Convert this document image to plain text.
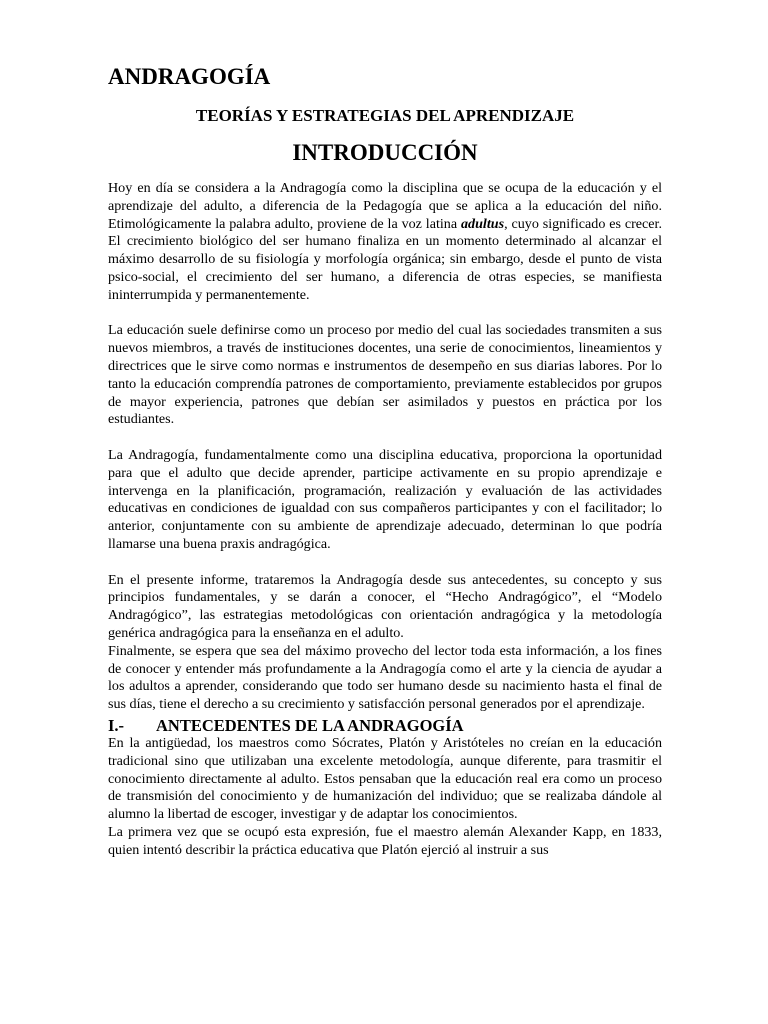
ANDRAGOGÍA
TEORÍAS Y ESTRATEGIAS DEL APRENDIZAJE
INTRODUCCIÓN

Hoy en día se considera a la Andragogía como la disciplina que se ocupa de la educación y el aprendizaje del adulto, a diferencia de la Pedagogía que se aplica a la educación del niño. Etimológicamente la palabra adulto, proviene de la voz latina adultus, cuyo significado es crecer. El crecimiento biológico del ser humano finaliza en un momento determinado al alcanzar el máximo desarrollo de su fisiología y morfología orgánica; sin embargo, desde el punto de vista psico-social, el crecimiento del ser humano, a diferencia de otras especies, se manifiesta ininterrumpida y permanentemente.

La educación suele definirse como un proceso por medio del cual las sociedades transmiten a sus nuevos miembros, a través de instituciones docentes, una serie de conocimientos, lineamientos y directrices que le sirve como normas e instrumentos de desempeño en sus diarias labores. Por lo tanto la educación comprendía patrones de comportamiento, previamente establecidos por grupos de mayor experiencia, patrones que debían ser asimilados y puestos en práctica por los estudiantes.

La Andragogía, fundamentalmente como una disciplina educativa, proporciona la oportunidad para que el adulto que decide aprender, participe activamente en su propio aprendizaje e intervenga en la planificación, programación, realización y evaluación de las actividades educativas en condiciones de igualdad con sus compañeros participantes y con el facilitador; lo anterior, conjuntamente con su ambiente de aprendizaje adecuado, determinan lo que podría llamarse una buena praxis andragógica.

En el presente informe, trataremos la Andragogía desde sus antecedentes, su concepto y sus principios fundamentales, y se darán a conocer, el “Hecho Andragógico”, el “Modelo Andragógico”, las estrategias metodológicas con orientación andragógica y la metodología genérica andragógica para la enseñanza en el adulto.

Finalmente, se espera que sea del máximo provecho del lector toda esta información, a los fines de conocer y entender más profundamente a la Andragogía como el arte y la ciencia de ayudar a los adultos a aprender, considerando que todo ser humano desde su nacimiento hasta el final de sus días, tiene el derecho a su crecimiento y satisfacción personal generados por el aprendizaje.

I.-	ANTECEDENTES DE LA ANDRAGOGÍA

En la antigüedad, los maestros como Sócrates, Platón y Aristóteles no creían en la educación tradicional sino que utilizaban una excelente metodología, aunque diferente, para trasmitir el conocimiento directamente al adulto. Estos pensaban que la educación real era como un proceso de transmisión del conocimiento y de humanización del individuo; que se realizaba dándole al alumno la libertad de escoger, investigar y de adaptar los conocimientos.

La primera vez que se ocupó esta expresión, fue el maestro alemán Alexander Kapp, en 1833, quien intentó describir la práctica educativa que Platón ejerció al instruir a sus
